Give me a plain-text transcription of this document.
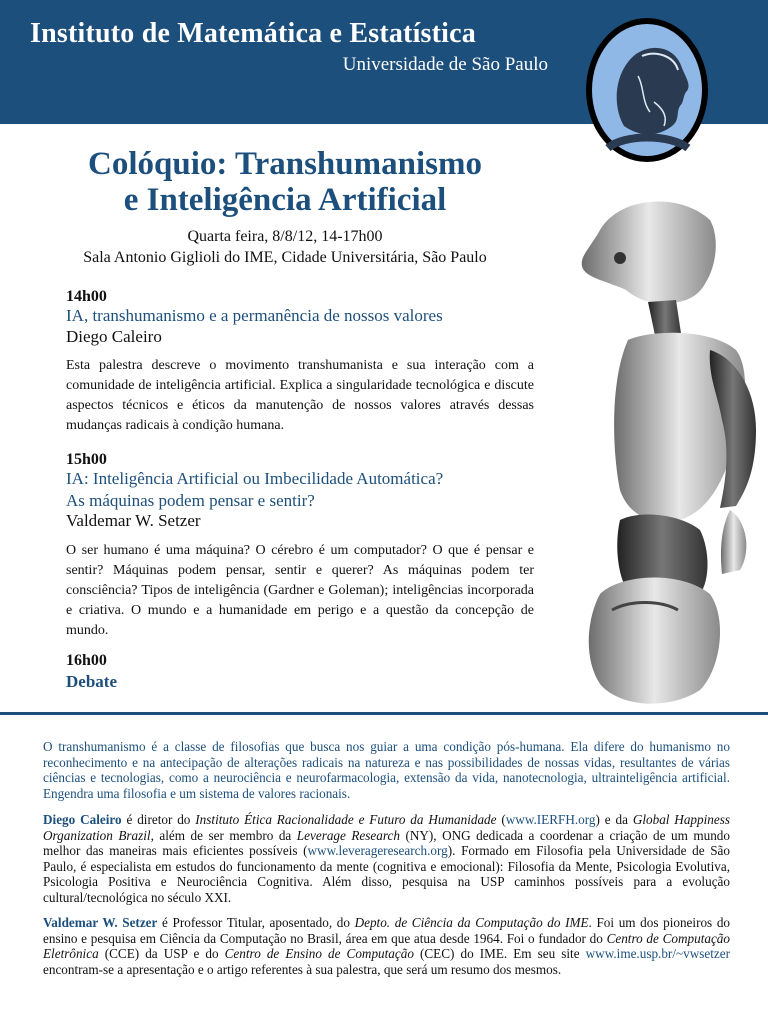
Instituto de Matemática e Estatística
Universidade de São Paulo
Colóquio: Transhumanismo
e Inteligência Artificial
Quarta feira, 8/8/12, 14-17h00
Sala Antonio Giglioli do IME, Cidade Universitária, São Paulo
14h00
IA, transhumanismo e a permanência de nossos valores
Diego Caleiro
Esta palestra descreve o movimento transhumanista e sua interação com a comunidade de inteligência artificial. Explica a singularidade tecnológica e discute aspectos técnicos e éticos da manutenção de nossos valores através dessas mudanças radicais à condição humana.
15h00
IA: Inteligência Artificial ou Imbecilidade Automática?
As máquinas podem pensar e sentir?
Valdemar W. Setzer
O ser humano é uma máquina? O cérebro é um computador? O que é pensar e sentir? Máquinas podem pensar, sentir e querer? As máquinas podem ter consciência? Tipos de inteligência (Gardner e Goleman); inteligências incorporada e criativa. O mundo e a humanidade em perigo e a questão da concepção de mundo.
16h00
Debate
O transhumanismo é a classe de filosofias que busca nos guiar a uma condição pós-humana. Ela difere do humanismo no reconhecimento e na antecipação de alterações radicais na natureza e nas possibilidades de nossas vidas, resultantes de várias ciências e tecnologias, como a neurociência e neurofarmacologia, extensão da vida, nanotecnologia, ultrainteligência artificial. Engendra uma filosofia e um sistema de valores racionais.
Diego Caleiro é diretor do Instituto Ética Racionalidade e Futuro da Humanidade (www.IERFH.org) e da Global Happiness Organization Brazil, além de ser membro da Leverage Research (NY), ONG dedicada a coordenar a criação de um mundo melhor das maneiras mais eficientes possíveis (www.leverageresearch.org). Formado em Filosofia pela Universidade de São Paulo, é especialista em estudos do funcionamento da mente (cognitiva e emocional): Filosofia da Mente, Psicologia Evolutiva, Psicologia Positiva e Neurociência Cognitiva. Além disso, pesquisa na USP caminhos possíveis para a evolução cultural/tecnológica no século XXI.
Valdemar W. Setzer é Professor Titular, aposentado, do Depto. de Ciência da Computação do IME. Foi um dos pioneiros do ensino e pesquisa em Ciência da Computação no Brasil, área em que atua desde 1964. Foi o fundador do Centro de Computação Eletrônica (CCE) da USP e do Centro de Ensino de Computação (CEC) do IME. Em seu site www.ime.usp.br/~vwsetzer encontram-se a apresentação e o artigo referentes à sua palestra, que será um resumo dos mesmos.
